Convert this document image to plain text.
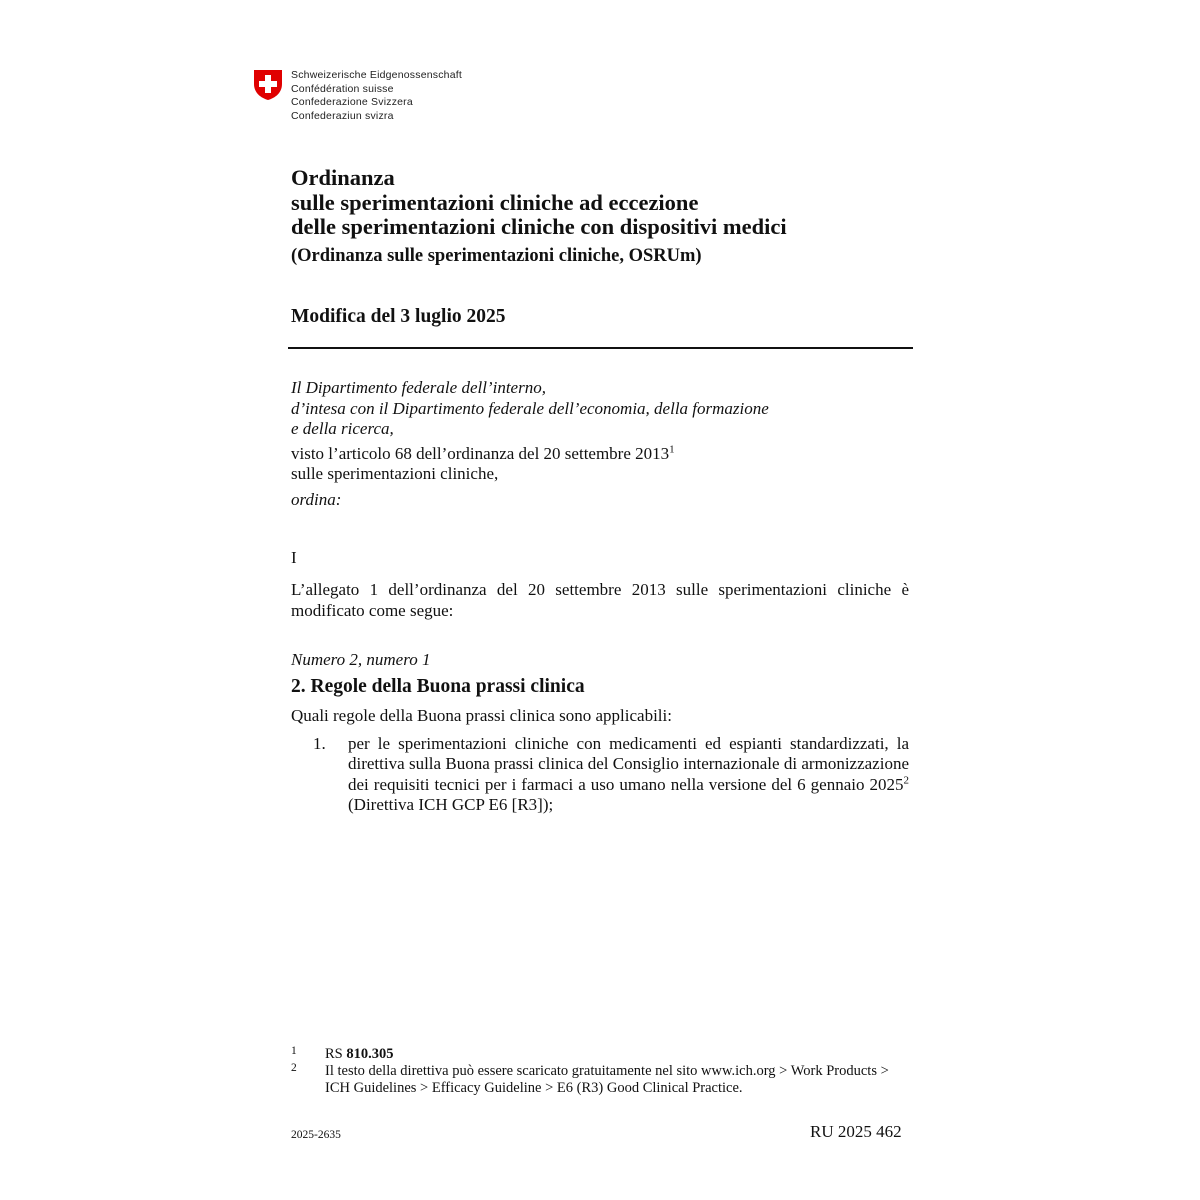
Schweizerische Eidgenossenschaft
Confédération suisse
Confederazione Svizzera
Confederaziun svizra
Ordinanza
sulle sperimentazioni cliniche ad eccezione
delle sperimentazioni cliniche con dispositivi medici
(Ordinanza sulle sperimentazioni cliniche, OSRUm)
Modifica del 3 luglio 2025
Il Dipartimento federale dell’interno,
d’intesa con il Dipartimento federale dell’economia, della formazione
e della ricerca,
visto l’articolo 68 dell’ordinanza del 20 settembre 2013$^1$
sulle sperimentazioni cliniche,
ordina:
I
L’allegato 1 dell’ordinanza del 20 settembre 2013 sulle sperimentazioni cliniche è modificato come segue:
Numero 2, numero 1
2. Regole della Buona prassi clinica
Quali regole della Buona prassi clinica sono applicabili:
1. per le sperimentazioni cliniche con medicamenti ed espianti standardizzati, la direttiva sulla Buona prassi clinica del Consiglio internazionale di armonizzazione dei requisiti tecnici per i farmaci a uso umano nella versione del 6 gennaio 2025$^2$ (Direttiva ICH GCP E6 [R3]);
1 RS 810.305
2 Il testo della direttiva può essere scaricato gratuitamente nel sito www.ich.org > Work Products > ICH Guidelines > Efficacy Guideline > E6 (R3) Good Clinical Practice.
2025-2635	RU 2025 462
